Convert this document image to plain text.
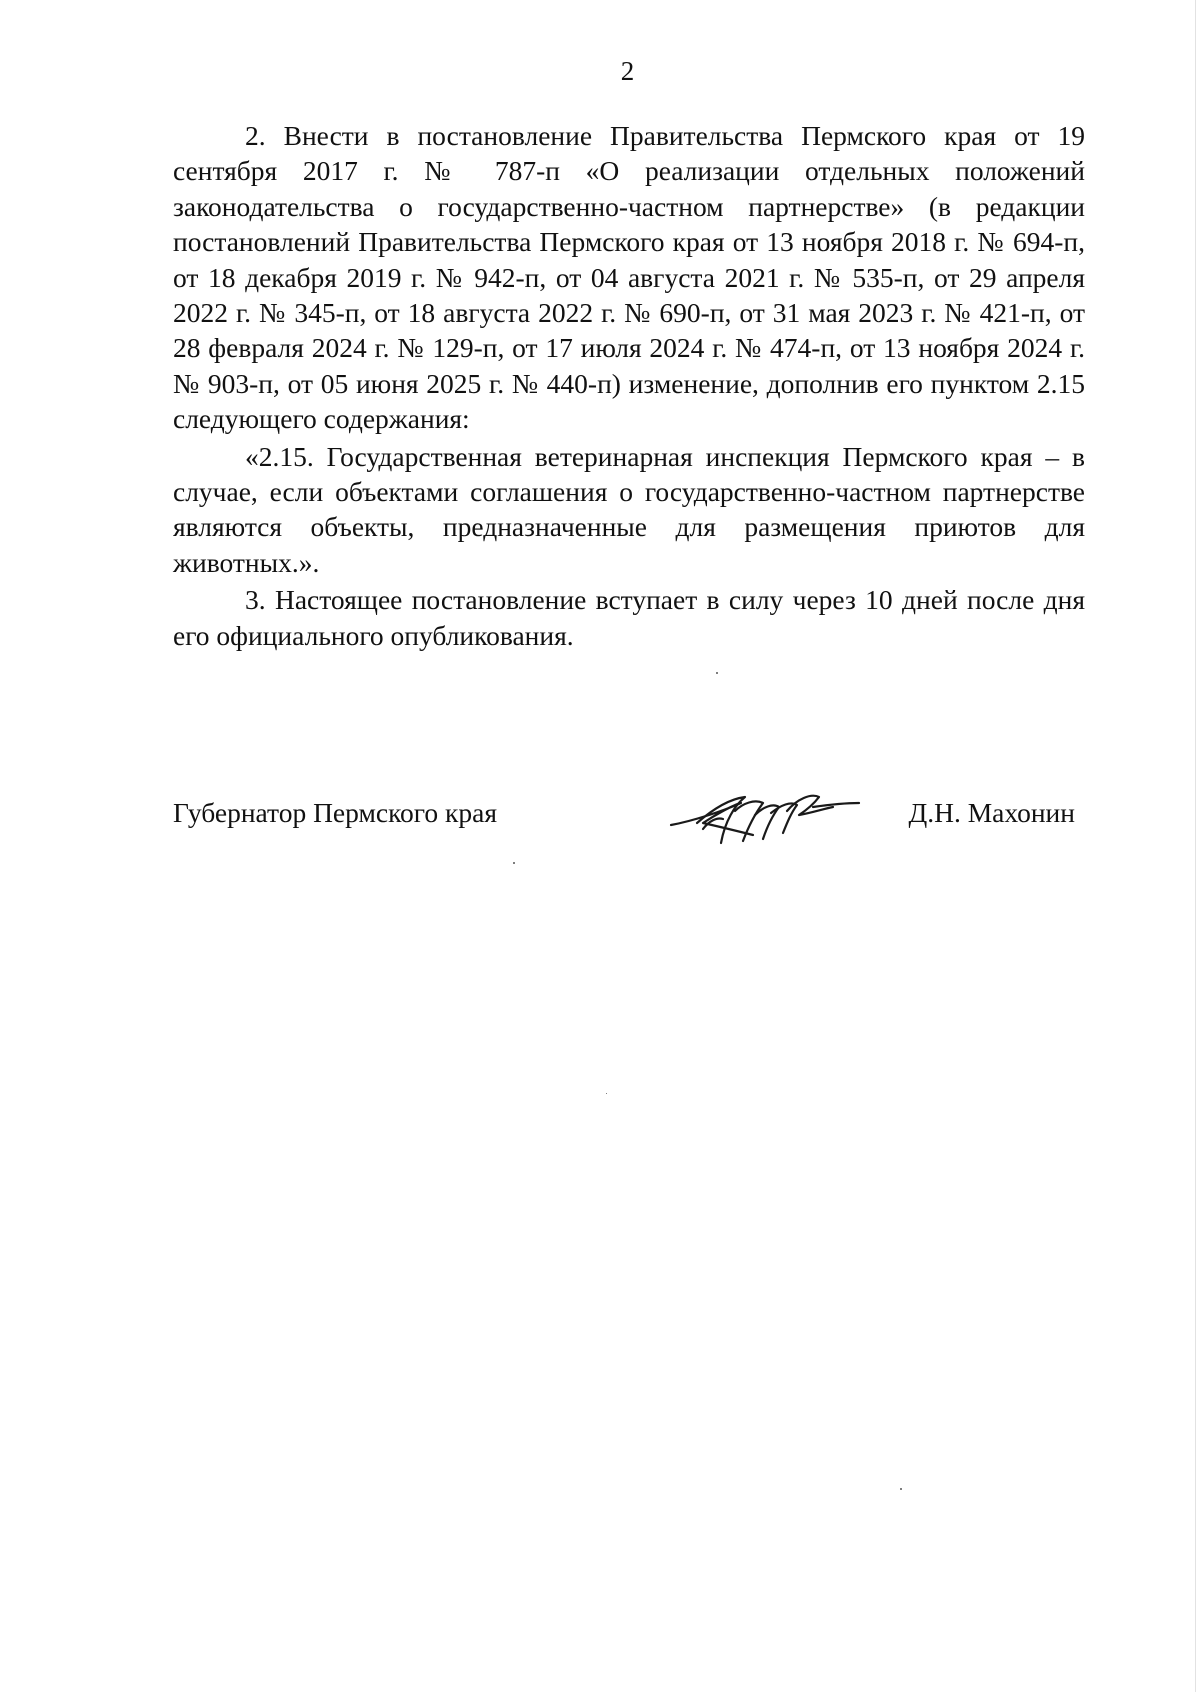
2

2. Внести в постановление Правительства Пермского края от 19 сентября 2017 г. № 787-п «О реализации отдельных положений законодательства о государственно-частном партнерстве» (в редакции постановлений Правительства Пермского края от 13 ноября 2018 г. № 694-п, от 18 декабря 2019 г. № 942-п, от 04 августа 2021 г. № 535-п, от 29 апреля 2022 г. № 345-п, от 18 августа 2022 г. № 690-п, от 31 мая 2023 г. № 421-п, от 28 февраля 2024 г. № 129-п, от 17 июля 2024 г. № 474-п, от 13 ноября 2024 г. № 903-п, от 05 июня 2025 г. № 440-п) изменение, дополнив его пунктом 2.15 следующего содержания:

«2.15. Государственная ветеринарная инспекция Пермского края – в случае, если объектами соглашения о государственно-частном партнерстве являются объекты, предназначенные для размещения приютов для животных.».

3. Настоящее постановление вступает в силу через 10 дней после дня его официального опубликования.

Губернатор Пермского края	Д.Н. Махонин
